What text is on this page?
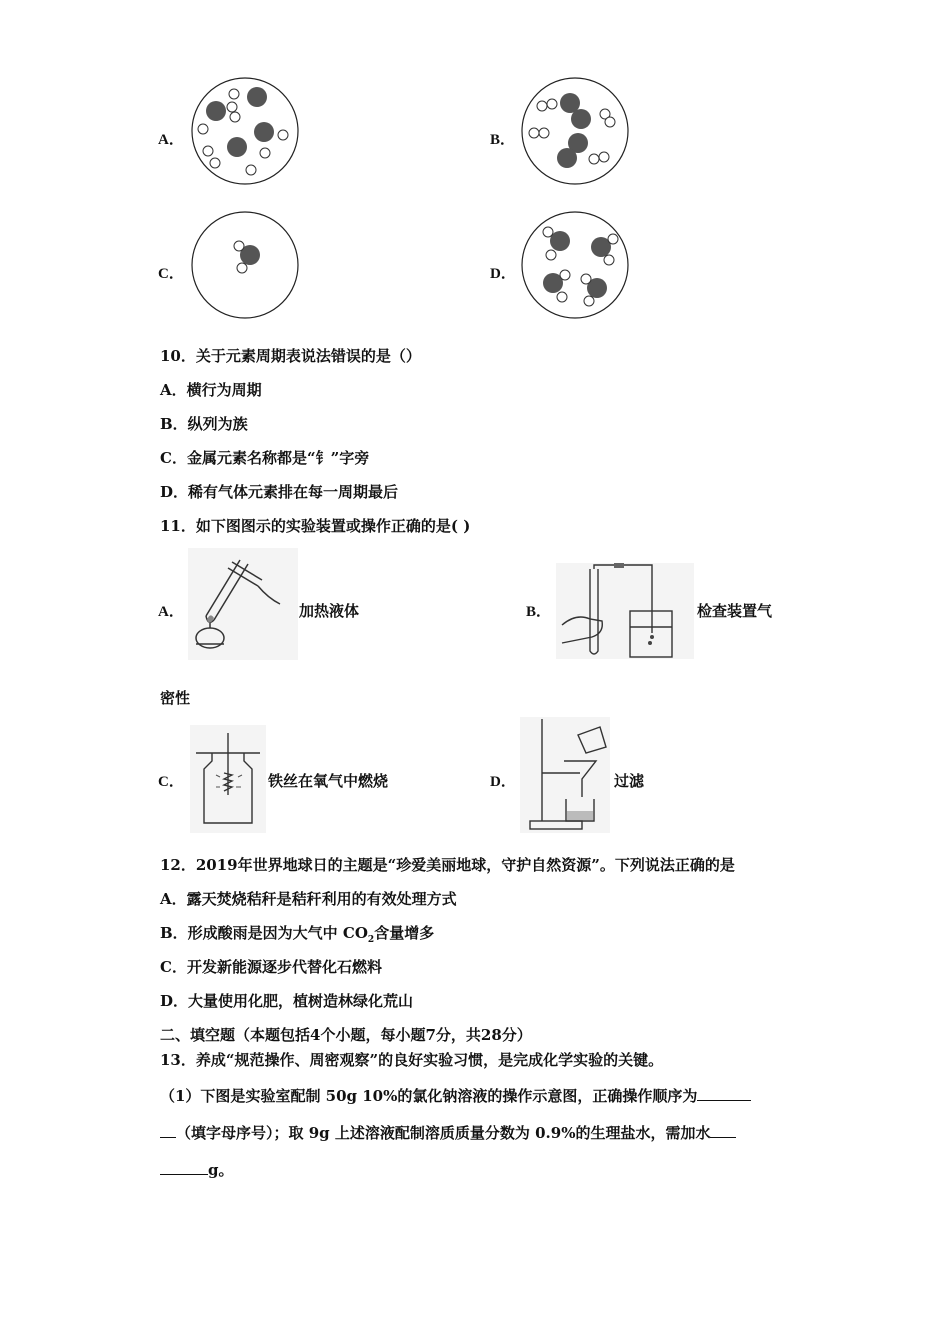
A．	B．
C．	D．
10．关于元素周期表说法错误的是（）
A．横行为周期
B．纵列为族
C．金属元素名称都是“钅”字旁
D．稀有气体元素排在每一周期最后
11．如下图图示的实验装置或操作正确的是( )
A．	加热液体	B．	检查装置气
密性
C．	铁丝在氧气中燃烧	D．	过滤
12．2019年世界地球日的主题是“珍爱美丽地球，守护自然资源”。下列说法正确的是
A．露天焚烧秸秆是秸秆利用的有效处理方式
B．形成酸雨是因为大气中 $CO_2$含量增多
C．开发新能源逐步代替化石燃料
D．大量使用化肥，植树造林绿化荒山
二、填空题（本题包括4个小题，每小题7分，共28分）
13．养成“规范操作、周密观察”的良好实验习惯，是完成化学实验的关键。
（1）下图是实验室配制 50g 10%的氯化钠溶液的操作示意图，正确操作顺序为
（填字母序号）；取 9g 上述溶液配制溶质质量分数为 0.9%的生理盐水，需加水
g。
